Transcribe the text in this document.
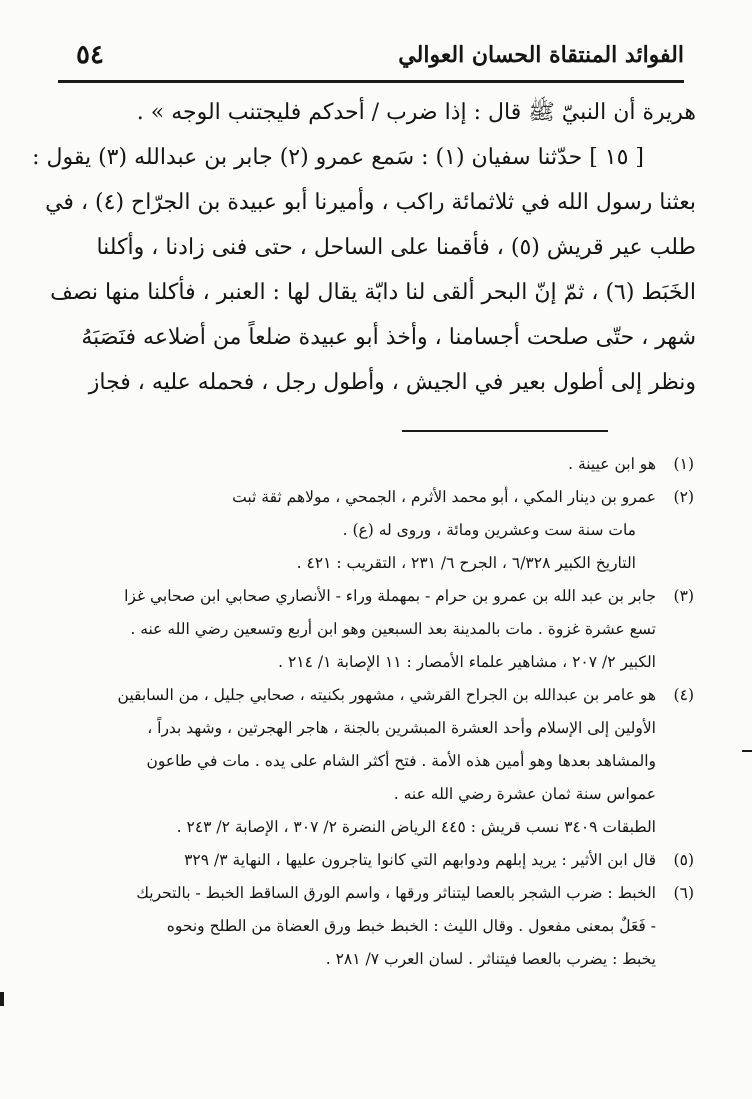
٥٤	الفوائد المنتقاة الحسان العوالي
هريرة أن النبيّ ﷺ قال : إذا ضرب / أحدكم فليجتنب الوجه » .
[ ١٥ ] حدّثنا سفيان (١) : سَمع عمرو (٢) جابر بن عبدالله (٣) يقول :
بعثنا رسول الله في ثلاثمائة راكب ، وأميرنا أبو عبيدة بن الجرّاح (٤) ، في
طلب عير قريش (٥) ، فأقمنا على الساحل ، حتى فنى زادنا ، وأكلنا
الخَبَط (٦) ، ثمّ إنّ البحر ألقى لنا دابّة يقال لها : العنبر ، فأكلنا منها نصف
شهر ، حتّى صلحت أجسامنا ، وأخذ أبو عبيدة ضلعاً من أضلاعه فنَصَبَهُ
ونظر إلى أطول بعير في الجيش ، وأطول رجل ، فحمله عليه ، فجاز
(١)
هو ابن عيينة .
(٢)
عمرو بن دينار المكي ، أبو محمد الأثرم ، الجمحي ، مولاهم ثقة ثبت
مات سنة ست وعشرين ومائة ، وروى له (ع) .
التاريخ الكبير ٦/٣٢٨ ، الجرح ٦/ ٢٣١ ، التقريب : ٤٢١ .
(٣)
جابر بن عبد الله بن عمرو بن حرام - بمهملة وراء - الأنصاري صحابي ابن صحابي غزا
تسع عشرة غزوة . مات بالمدينة بعد السبعين وهو ابن أربع وتسعين رضي الله عنه .
الكبير ٢/ ٢٠٧ ، مشاهير علماء الأمصار : ١١ الإصابة ١/ ٢١٤ .
(٤)
هو عامر بن عبدالله بن الجراح القرشي ، مشهور بكنيته ، صحابي جليل ، من السابقين
الأولين إلى الإسلام وأحد العشرة المبشرين بالجنة ، هاجر الهجرتين ، وشهد بدراً ،
والمشاهد بعدها وهو أمين هذه الأمة . فتح أكثر الشام على يده . مات في طاعون
عمواس سنة ثمان عشرة رضي الله عنه .
الطبقات ٣٤٠٩ نسب قريش : ٤٤٥ الرياض النضرة ٢/ ٣٠٧ ، الإصابة ٢/ ٢٤٣ .
(٥)
قال ابن الأثير : يريد إبلهم ودوابهم التي كانوا يتاجرون عليها ، النهاية ٣/ ٣٢٩
(٦)
الخبط : ضرب الشجر بالعصا ليتناثر ورقها ، واسم الورق الساقط الخبط - بالتحريك
- فَعَلٌ بمعنى مفعول . وقال الليث : الخبط خبط ورق العضاة من الطلح ونحوه
يخبط : يضرب بالعصا فيتناثر . لسان العرب ٧/ ٢٨١ .
